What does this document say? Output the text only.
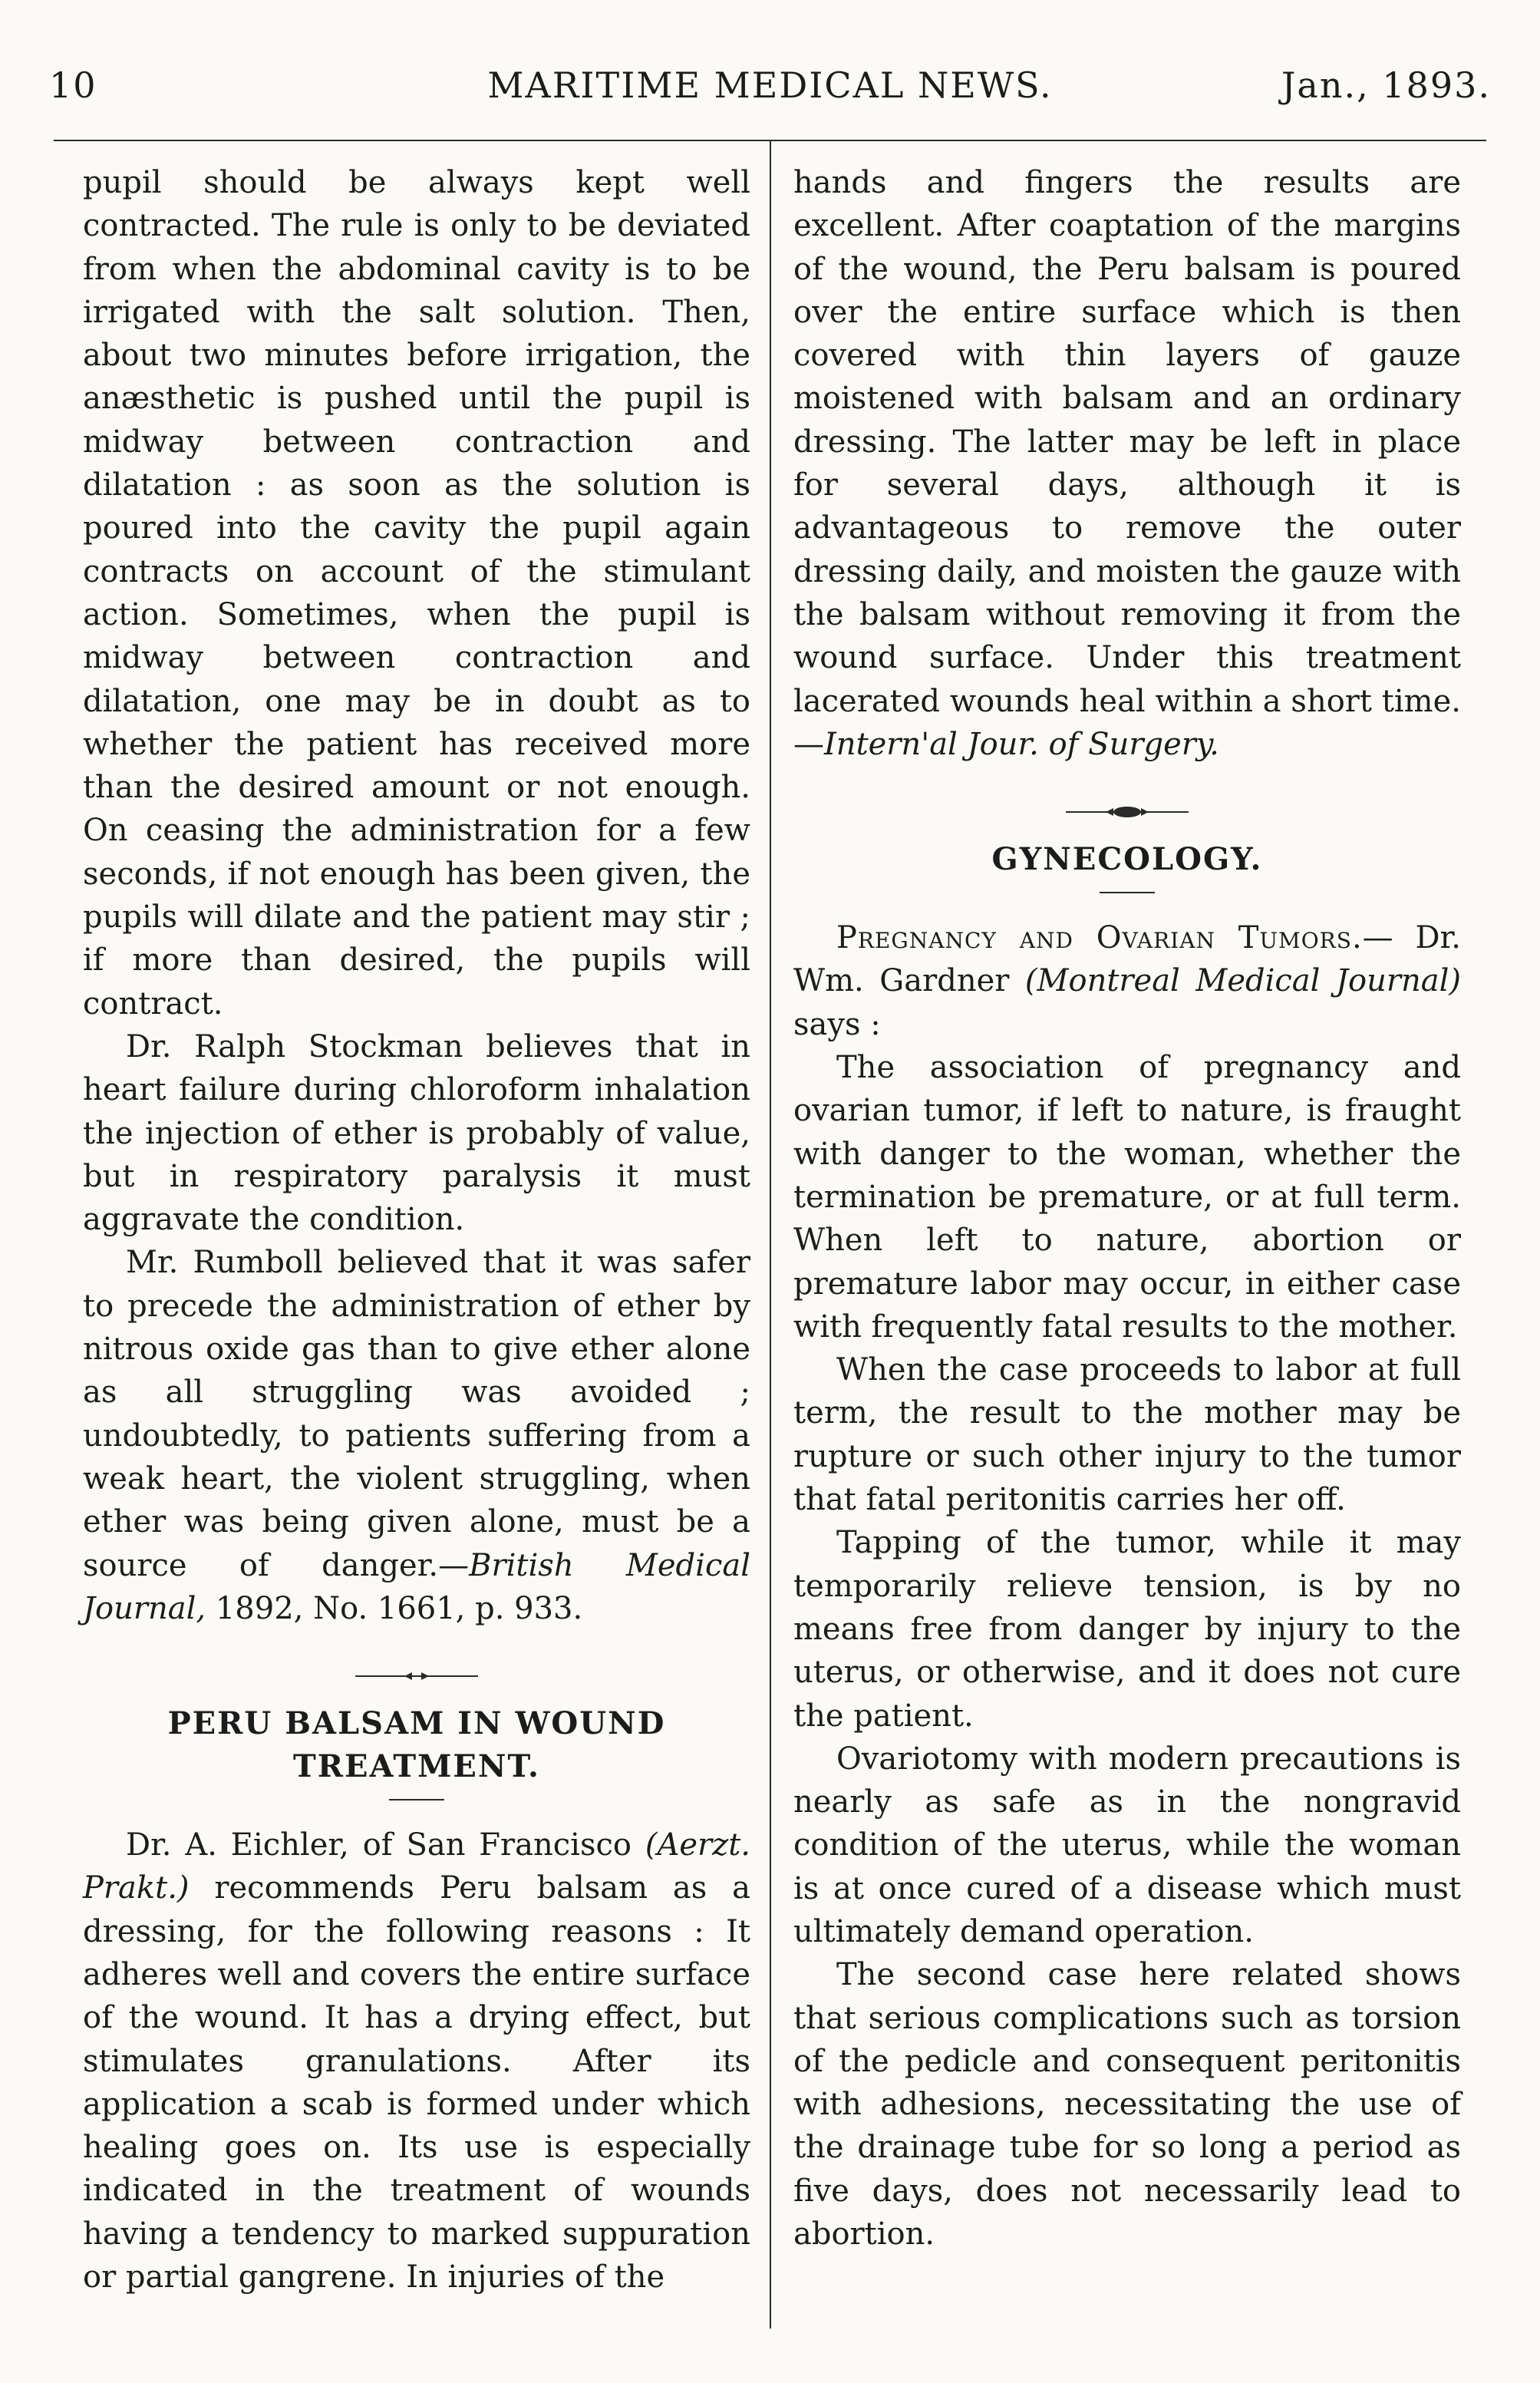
10	MARITIME MEDICAL NEWS.	Jan., 1893.

pupil should be always kept well contracted. The rule is only to be deviated from when the abdominal cavity is to be irrigated with the salt solution. Then, about two minutes before irrigation, the anæsthetic is pushed until the pupil is midway between contraction and dilatation : as soon as the solution is poured into the cavity the pupil again contracts on account of the stimulant action. Sometimes, when the pupil is midway between contraction and dilatation, one may be in doubt as to whether the patient has received more than the desired amount or not enough. On ceasing the administration for a few seconds, if not enough has been given, the pupils will dilate and the patient may stir ; if more than desired, the pupils will contract.

Dr. Ralph Stockman believes that in heart failure during chloroform inhalation the injection of ether is probably of value, but in respiratory paralysis it must aggravate the condition.

Mr. Rumboll believed that it was safer to precede the administration of ether by nitrous oxide gas than to give ether alone as all struggling was avoided ; undoubtedly, to patients suffering from a weak heart, the violent struggling, when ether was being given alone, must be a source of danger.—British Medical Journal, 1892, No. 1661, p. 933.

PERU BALSAM IN WOUND TREATMENT.

Dr. A. Eichler, of San Francisco (Aerzt. Prakt.) recommends Peru balsam as a dressing, for the following reasons : It adheres well and covers the entire surface of the wound. It has a drying effect, but stimulates granulations. After its application a scab is formed under which healing goes on. Its use is especially indicated in the treatment of wounds having a tendency to marked suppuration or partial gangrene. In injuries of the

hands and fingers the results are excellent. After coaptation of the margins of the wound, the Peru balsam is poured over the entire surface which is then covered with thin layers of gauze moistened with balsam and an ordinary dressing. The latter may be left in place for several days, although it is advantageous to remove the outer dressing daily, and moisten the gauze with the balsam without removing it from the wound surface. Under this treatment lacerated wounds heal within a short time.—Intern'al Jour. of Surgery.

GYNECOLOGY.

Pregnancy and Ovarian Tumors.— Dr. Wm. Gardner (Montreal Medical Journal) says :

The association of pregnancy and ovarian tumor, if left to nature, is fraught with danger to the woman, whether the termination be premature, or at full term. When left to nature, abortion or premature labor may occur, in either case with frequently fatal results to the mother.

When the case proceeds to labor at full term, the result to the mother may be rupture or such other injury to the tumor that fatal peritonitis carries her off.

Tapping of the tumor, while it may temporarily relieve tension, is by no means free from danger by injury to the uterus, or otherwise, and it does not cure the patient.

Ovariotomy with modern precautions is nearly as safe as in the nongravid condition of the uterus, while the woman is at once cured of a disease which must ultimately demand operation.

The second case here related shows that serious complications such as torsion of the pedicle and consequent peritonitis with adhesions, necessitating the use of the drainage tube for so long a period as five days, does not necessarily lead to abortion.
